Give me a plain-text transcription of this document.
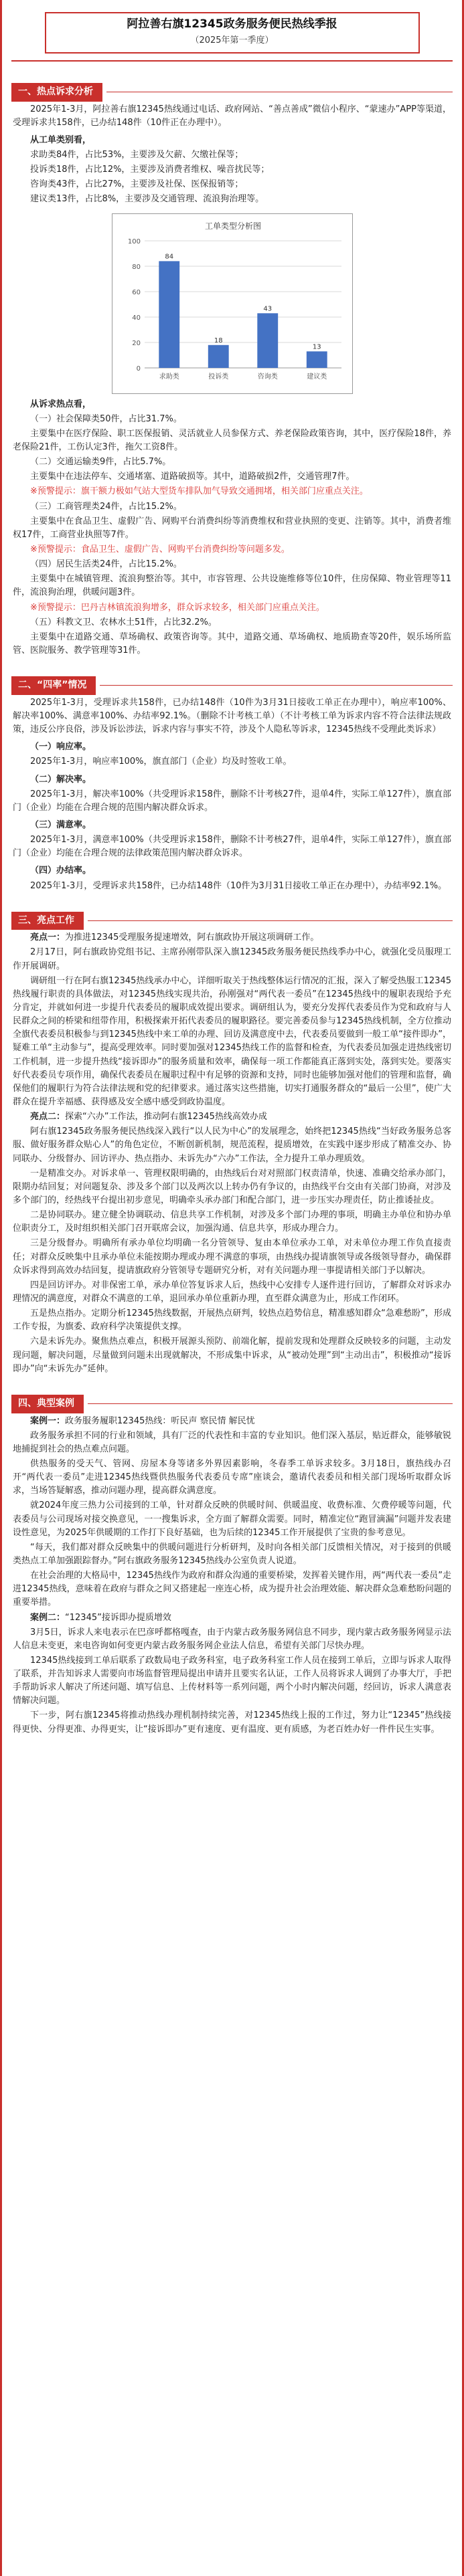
阿拉善右旗12345政务服务便民热线季报
（2025年第一季度）
一、热点诉求分析

2025年1-3月，阿拉善右旗12345热线通过电话、政府网站、“善点善成”微信小程序、“蒙速办”APP等渠道，受理诉求共158件，已办结148件（10件正在办理中）。

从工单类别看，

求助类84件，占比53%，主要涉及欠薪、欠缴社保等；

投诉类18件，占比12%，主要涉及消费者维权、噪音扰民等；

咨询类43件，占比27%，主要涉及社保、医保报销等；

建议类13件，占比8%，主要涉及交通管理、流浪狗治理等。

工单类型分析图
0
20
40
60
80
100
84
求助类
18
投诉类
43
咨询类
13
建议类
从诉求热点看，

（一）社会保障类50件，占比31.7%。

主要集中在医疗保险、职工医保报销、灵活就业人员参保方式、养老保险政策咨询，其中，医疗保险18件，养老保险21件，工伤认定3件，拖欠工资8件。

（二）交通运输类9件，占比5.7%。

主要集中在违法停车、交通堵塞、道路破损等。其中，道路破损2件，交通管理7件。

※预警提示：旗干额力极如气站大型货车排队加气导致交通拥堵，相关部门应重点关注。

（三）工商管理类24件，占比15.2%。

主要集中在食品卫生、虚假广告、网购平台消费纠纷等消费维权和营业执照的变更、注销等。其中，消费者维权17件，工商营业执照等7件。

※预警提示：食品卫生、虚假广告、网购平台消费纠纷等问题多发。

（四）居民生活类24件，占比15.2%。

主要集中在城镇管理、流浪狗整治等。其中，市容管理、公共设施维修等位10件，住房保障、物业管理等11件，流浪狗治理，供暖问题3件。

※预警提示：巴丹吉林镇流浪狗增多，群众诉求较多，相关部门应重点关注。

（五）科教文卫、农林水土51件，占比32.2%。

主要集中在道路交通、草场确权、政策咨询等。其中，道路交通、草场确权、地质勘查等20件，娱乐场所监管、医院服务、教学管理等31件。

二、“四率”情况

2025年1-3月，受理诉求共158件，已办结148件（10件为3月31日接收工单正在办理中），响应率100%、解决率100%、满意率100%、办结率92.1%。（删除不计考核工单）（不计考核工单为诉求内容不符合法律法规政策，违反公序良俗，涉及诉讼涉法，诉求内容与事实不符，涉及个人隐私等诉求，12345热线不受理此类诉求）

（一）响应率。

2025年1-3月，响应率100%，旗直部门（企业）均及时签收工单。

（二）解决率。

2025年1-3月，解决率100%（共受理诉求158件，删除不计考核27件，退单4件，实际工单127件），旗直部门（企业）均能在合理合规的范围内解决群众诉求。

（三）满意率。

2025年1-3月，满意率100%（共受理诉求158件，删除不计考核27件，退单4件，实际工单127件），旗直部门（企业）均能在合理合规的法律政策范围内解决群众诉求。

（四）办结率。

2025年1-3月，受理诉求共158件，已办结148件（10件为3月31日接收工单正在办理中），办结率92.1%。

三、亮点工作

亮点一：为推进12345受理服务提速增效，阿右旗政协开展这项调研工作。

2月17日，阿右旗政协党组书记、主席孙刚带队深入旗12345政务服务便民热线季办中心，就强化受员服理工作开展调研。

调研组一行在阿右旗12345热线承办中心，详细听取关于热线整体运行情况的汇报，深入了解受热服工12345热线履行职责的具体做法，对12345热线实现共治，孙刚强对“两代表一委员”在12345热线中的履职表现给予充分肯定，并就如何进一步提升代表委员的履职成效提出要求。调研组认为，要充分发挥代表委员作为党和政府与人民群众之间的桥梁和纽带作用，积极探索开拓代表委员的履职路径。要完善委员参与12345热线机制，全方位推动全旗代表委员积极参与到12345热线中来工单的办理、回访及满意度中去，代表委员要做到一般工单“接件即办”，疑难工单“主动参与”，提高受理效率。同时要加强对12345热线工作的监督和检查，为代表委员加强走进热线密切工作机制，进一步提升热线“接诉即办”的服务质量和效率，确保每一项工作都能真正落到实处，落到实处。要落实好代表委员专项作用，确保代表委员在履职过程中有足够的资源和支持，同时也能够加强对他们的管理和监督，确保他们的履职行为符合法律法规和党的纪律要求。通过落实这些措施，切实打通服务群众的“最后一公里”，使广大群众在提升幸福感、获得感及安全感中感受到政协温度。

亮点二：探索“六办”工作法，推动阿右旗12345热线高效办成

阿右旗12345政务服务便民热线深入践行“以人民为中心”的发展理念，始终把12345热线“当好政务服务总客服、做好服务群众贴心人”的角色定位，不断创新机制，规范流程，提质增效，在实践中逐步形成了精准交办、协同联办、分级督办、回访评办、热点指办、未诉先办“六办”工作法，全力提升工单办理质效。

一是精准交办。对诉求单一、管理权限明确的，由热线后台对对照部门权责清单，快速、准确交给承办部门，限期办结回复；对问题复杂、涉及多个部门以及两次以上转办仍有争议的，由热线平台交由有关部门协商，对涉及多个部门的，经热线平台提出初步意见，明确牵头承办部门和配合部门，进一步压实办理责任，防止推诿扯皮。

二是协同联办。建立健全协调联动、信息共享工作机制，对涉及多个部门办理的事项，明确主办单位和协办单位职责分工，及时组织相关部门召开联席会议，加强沟通、信息共享，形成办理合力。

三是分级督办。明确所有承办单位均明确一名分管领导、复由本单位承办工单，对未单位办理工作负直接责任；对群众反映集中且承办单位未能按期办理或办理不满意的事项，由热线办提请旗领导或各级领导督办，确保群众诉求得到高效办结回复，提请旗政府分管领导专题研究分析，对有关问题办理一事提请相关部门予以解决。

四是回访评办。对非保密工单，承办单位答复诉求人后，热线中心安排专人逐件进行回访，了解群众对诉求办理情况的满意度，对群众不满意的工单，退回承办单位重新办理，直至群众满意为止，形成工作闭环。

五是热点指办。定期分析12345热线数据，开展热点研判，较热点趋势信息，精准感知群众“急难愁盼”，形成工作专报，为旗委、政府科学决策提供支撑。

六是未诉先办。聚焦热点难点，积极开展源头预防、前端化解，提前发现和处理群众反映较多的问题，主动发现问题，解决问题，尽量做到问题未出现就解决，不形成集中诉求，从“被动处理”到“主动出击”，积极推动“接诉即办”向“未诉先办”延伸。

四、典型案例

案例一：政务服务履职12345热线：听民声 察民情 解民忧

政务服务承担不同的行业和领域，具有厂泛的代表性和丰富的专业知识。他们深入基层，贴近群众，能够敏锐地捕捉到社会的热点难点问题。

供热服务的受天气、管网、房屋本身等诸多外界因素影响，冬春季工单诉求较多。3月18日，旗热线办召开“两代表一委员”走进12345热线暨供热服务代表委员专席”座谈会，邀请代表委员和相关部门现场听取群众诉求，当场答疑解惑，推动问题办理，提高群众满意度。

就2024年度三热力公司接到的工单，针对群众反映的供暖时间、供暖温度、收费标准、欠费停暖等问题，代表委员与公司现场对接交换意见，一一搜集诉求，全方面了解群众需要。同时，精准定位“跑冒滴漏”问题并发表建设性意见，为2025年供暖期的工作打下良好基础，也为后续的12345工作开展提供了宝贵的参考意见。

“每天，我们都对群众反映集中的供暖问题进行分析研判，及时向各相关部门反馈相关情况，对于接到的供暖类热点工单加强跟踪督办。”阿右旗政务服务12345热线办公室负责人说道。

在社会治理的大格局中，12345热线作为政府和群众沟通的重要桥梁，发挥着关键作用，两“两代表一委员”走进12345热线，意味着在政府与群众之间又搭建起一座连心桥，成为提升社会治理效能、解决群众急难愁盼问题的重要举措。

案例二：“12345”接诉即办提质增效

3月5日，诉求人来电表示在巴彦呼都格嘎查，由于内蒙古政务服务网信息不同步，现内蒙古政务服务网显示法人信息未变更，来电咨询如何变更内蒙古政务服务网企业法人信息，希望有关部门尽快办理。

12345热线接到工单后联系了政数局电子政务科室，电子政务科室工作人员在接到工单后，立即与诉求人取得了联系，并告知诉求人需要向市场监督管理局提出申请并且要实名认证，工作人员将诉求人调到了办事大厅，手把手帮助诉求人解决了所述问题、填写信息、上传材料等一系列问题，两个小时内解决问题，经回访，诉求人满意表情解决问题。

下一步，阿右旗12345将推动热线办理机制持续完善，对12345热线上报的工作过，努力让“12345”热线接得更快、分得更准、办得更实，让“接诉即办”更有速度、更有温度、更有质感，为老百姓办好一件件民生实事。
